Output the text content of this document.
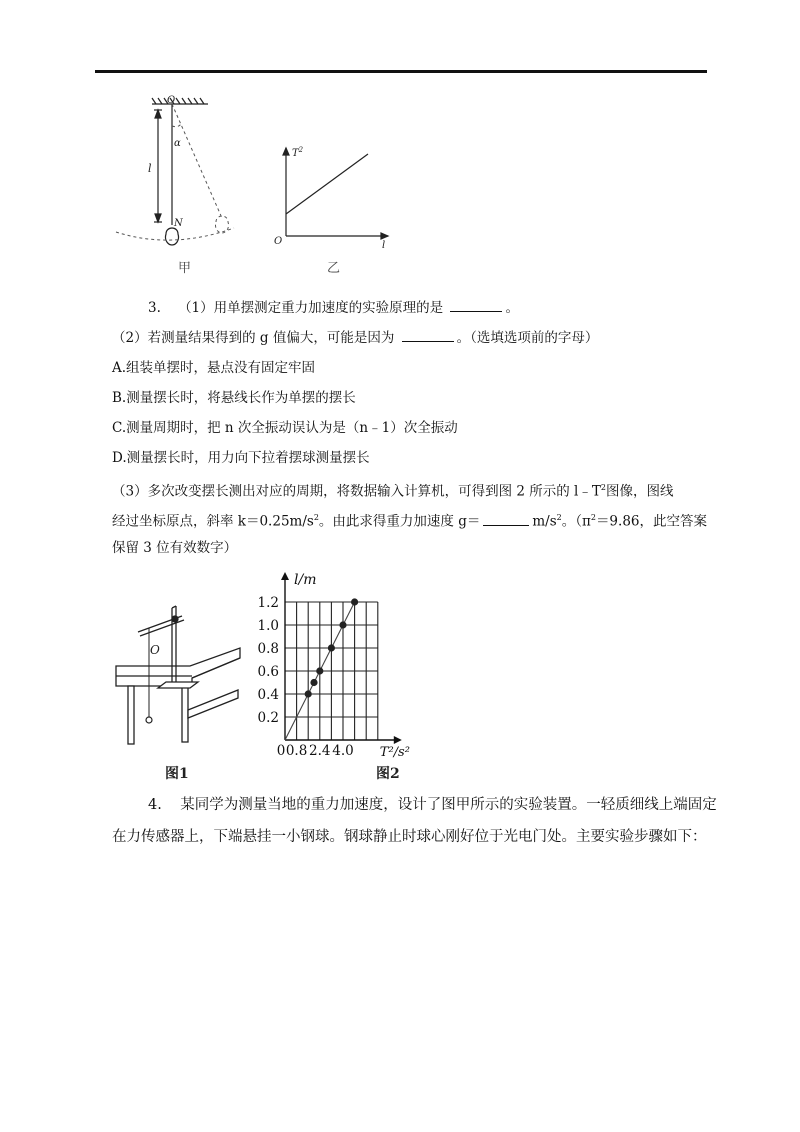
O
α
l
N
甲
$T^2$
O	l
乙
3. （1）用单摆测定重力加速度的实验原理的是	。
（2）若测量结果得到的 g 值偏大，可能是因为	。（选填选项前的字母）
A.组装单摆时，悬点没有固定牢固
B.测量摆长时，将悬线长作为单摆的摆长
C.测量周期时，把 n 次全振动误认为是（n﹣1）次全振动
D.测量摆长时，用力向下拉着摆球测量摆长
（3）多次改变摆长测出对应的周期，将数据输入计算机，可得到图 2 所示的 $l﹣T^2$图像，图线
经过坐标原点，斜率 $k=0.25m/s^2$。由此求得重力加速度 g＝	$m/s^2$。（$\pi^2=9.86$，此空答案
保留 3 位有效数字）
O
图1
0.2
0.4
0.6
0.8
1.0
1.2
0 0.8 2.4 4.0
l/m
T²/s²
图2
4. 某同学为测量当地的重力加速度，设计了图甲所示的实验装置。一轻质细线上端固定
在力传感器上，下端悬挂一小钢球。钢球静止时球心刚好位于光电门处。主要实验步骤如下：
